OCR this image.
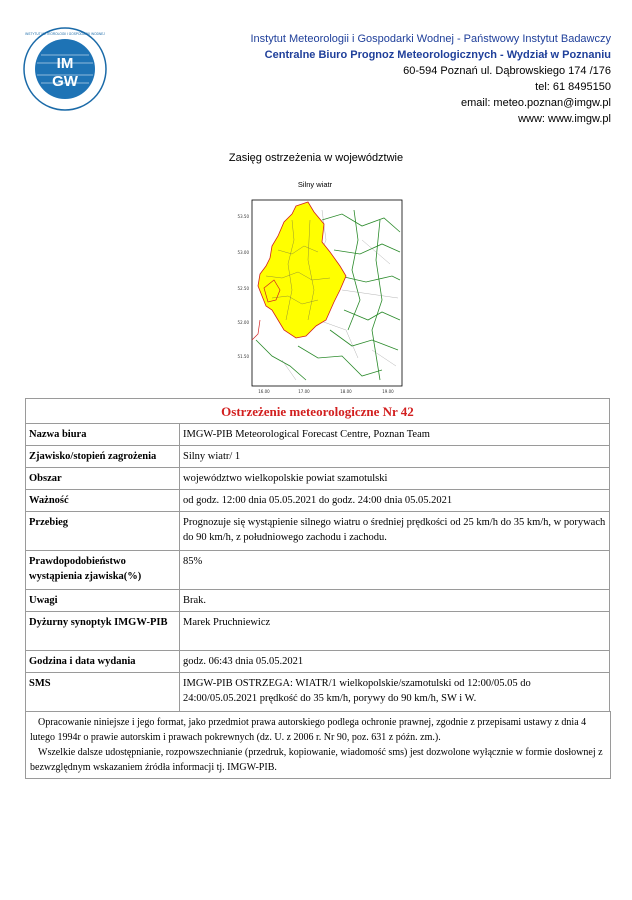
IM
GW
INSTYTUT METEOROLOGII I GOSPODARKI WODNEJ	Instytut Meteorologii i Gospodarki Wodnej - Państwowy Instytut Badawczy
Centralne Biuro Prognoz Meteorologicznych - Wydział w Poznaniu
60-594 Poznań ul. Dąbrowskiego 174 /176
tel: 61 8495150
email: meteo.poznan@imgw.pl
www: www.imgw.pl
Zasięg ostrzeżenia w województwie
53.50
53.00
52.50
52.00
51.50
16.00	17.00	18.00	19.00
Silny wiatr
Ostrzeżenie meteorologiczne Nr 42	
Nazwa biura	IMGW-PIB Meteorological Forecast Centre, Poznan Team
Zjawisko/stopień zagrożenia	Silny wiatr/ 1
Obszar	województwo wielkopolskie powiat szamotulski
Ważność	od godz. 12:00 dnia 05.05.2021 do godz. 24:00 dnia 05.05.2021
Przebieg	Prognozuje się wystąpienie silnego wiatru o średniej prędkości od 25 km/h do 35 km/h, w porywach do 90 km/h, z południowego zachodu i zachodu.
Prawdopodobieństwo wystąpienia zjawiska(%)	85%
Uwagi	Brak.
Dyżurny synoptyk IMGW-PIB	Marek Pruchniewicz
Godzina i data wydania	godz. 06:43 dnia 05.05.2021
SMS	IMGW-PIB OSTRZEGA: WIATR/1 wielkopolskie/szamotulski od 12:00/05.05 do 24:00/05.05.2021 prędkość do 35 km/h, porywy do 90 km/h, SW i W.

Opracowanie niniejsze i jego format, jako przedmiot prawa autorskiego podlega ochronie prawnej, zgodnie z przepisami ustawy z dnia 4 lutego 1994r o prawie autorskim i prawach pokrewnych (dz. U. z 2006 r. Nr 90, poz. 631 z późn. zm.).

Wszelkie dalsze udostępnianie, rozpowszechnianie (przedruk, kopiowanie, wiadomość sms) jest dozwolone wyłącznie w formie dosłownej z bezwzględnym wskazaniem źródła informacji tj. IMGW-PIB.
